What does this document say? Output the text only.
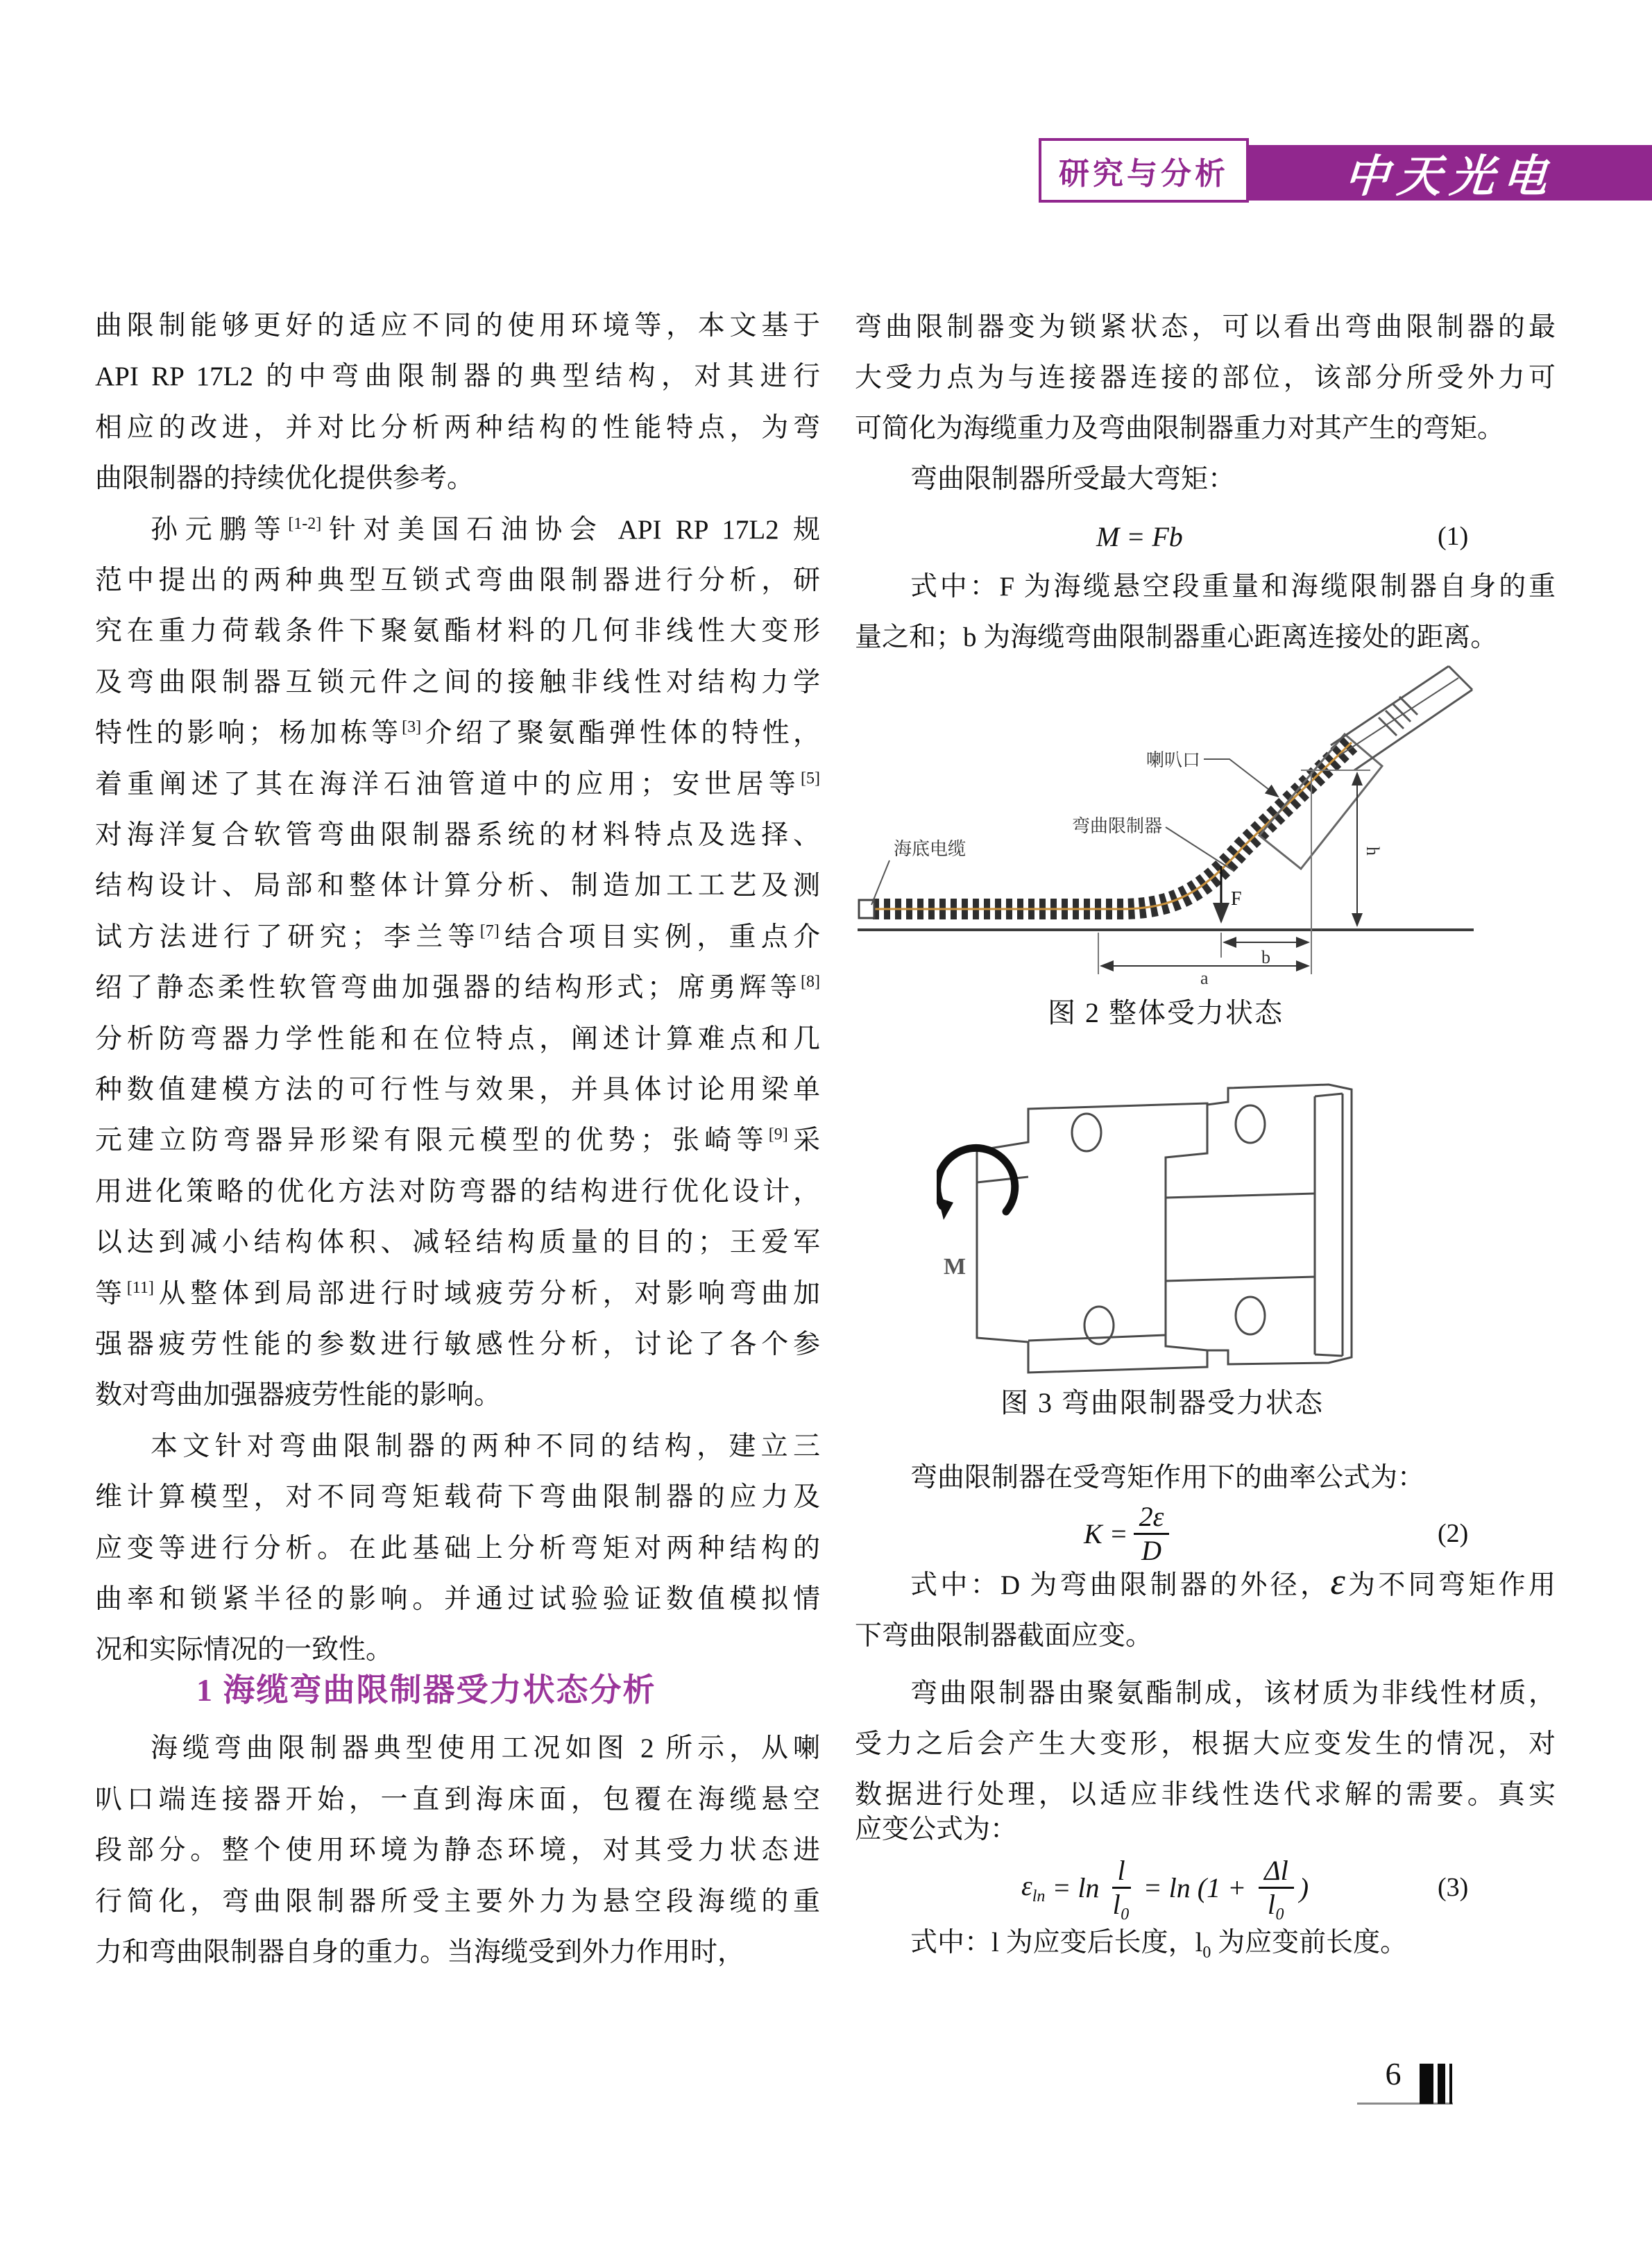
研究与分析	中天光电
曲限制能够更好的适应不同的使用环境等，本文基于
API RP 17L2 的中弯曲限制器的典型结构，对其进行
相应的改进，并对比分析两种结构的性能特点，为弯
曲限制器的持续优化提供参考。
孙元鹏等[1-2]针对美国石油协会 API RP 17L2 规
范中提出的两种典型互锁式弯曲限制器进行分析，研
究在重力荷载条件下聚氨酯材料的几何非线性大变形
及弯曲限制器互锁元件之间的接触非线性对结构力学
特性的影响；杨加栋等[3]介绍了聚氨酯弹性体的特性，
着重阐述了其在海洋石油管道中的应用；安世居等[5]
对海洋复合软管弯曲限制器系统的材料特点及选择、
结构设计、局部和整体计算分析、制造加工工艺及测
试方法进行了研究；李兰等[7]结合项目实例，重点介
绍了静态柔性软管弯曲加强器的结构形式；席勇辉等[8]
分析防弯器力学性能和在位特点，阐述计算难点和几
种数值建模方法的可行性与效果，并具体讨论用梁单
元建立防弯器异形梁有限元模型的优势；张崎等[9]采
用进化策略的优化方法对防弯器的结构进行优化设计，
以达到减小结构体积、减轻结构质量的目的；王爱军
等[11]从整体到局部进行时域疲劳分析，对影响弯曲加
强器疲劳性能的参数进行敏感性分析，讨论了各个参
数对弯曲加强器疲劳性能的影响。
本文针对弯曲限制器的两种不同的结构，建立三
维计算模型，对不同弯矩载荷下弯曲限制器的应力及
应变等进行分析。在此基础上分析弯矩对两种结构的
曲率和锁紧半径的影响。并通过试验验证数值模拟情
况和实际情况的一致性。
海缆弯曲限制器典型使用工况如图 2 所示，从喇
叭口端连接器开始，一直到海床面，包覆在海缆悬空
段部分。整个使用环境为静态环境，对其受力状态进
行简化，弯曲限制器所受主要外力为悬空段海缆的重
力和弯曲限制器自身的重力。当海缆受到外力作用时，
弯曲限制器变为锁紧状态，可以看出弯曲限制器的最
大受力点为与连接器连接的部位，该部分所受外力可
可简化为海缆重力及弯曲限制器重力对其产生的弯矩。
弯曲限制器所受最大弯矩：
式中：F 为海缆悬空段重量和海缆限制器自身的重
量之和；b 为海缆弯曲限制器重心距离连接处的距离。
弯曲限制器在受弯矩作用下的曲率公式为：
式中：D 为弯曲限制器的外径，ε为不同弯矩作用
下弯曲限制器截面应变。
弯曲限制器由聚氨酯制成，该材质为非线性材质，
受力之后会产生大变形，根据大应变发生的情况，对
数据进行处理，以适应非线性迭代求解的需要。真实
应变公式为：
式中：l 为应变后长度，$l_0$ 为应变前长度。
1 海缆弯曲限制器受力状态分析
M = Fb	(1)
$K = \frac{2\varepsilon}{D}$	(2)
$\varepsilon_{ln} = \ln \frac{l}{\text{l₀}} = \ln (1 + \frac{\Delta l}{\text{l₀}}$ )	(3)
喇叭口
弯曲限制器
海底电缆
F
b
a
h
图 2 整体受力状态
M
图 3 弯曲限制器受力状态
6
